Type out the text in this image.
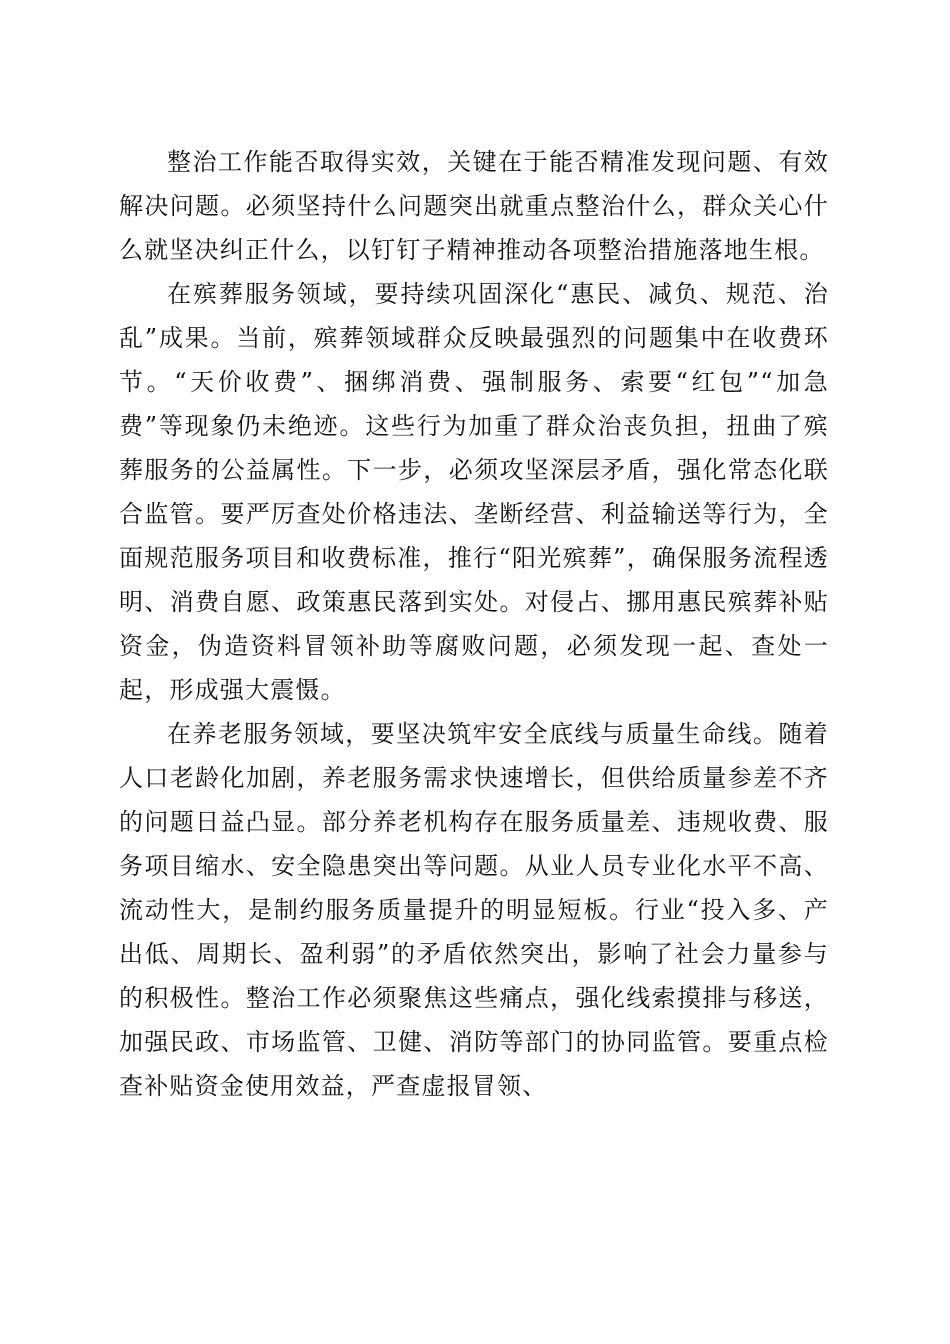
整治工作能否取得实效，关键在于能否精准发现问题、有效解决问题。必须坚持什么问题突出就重点整治什么，群众关心什么就坚决纠正什么，以钉钉子精神推动各项整治措施落地生根。

在殡葬服务领域，要持续巩固深化“惠民、减负、规范、治乱”成果。当前，殡葬领域群众反映最强烈的问题集中在收费环节。“天价收费”、捆绑消费、强制服务、索要“红包”“加急费”等现象仍未绝迹。这些行为加重了群众治丧负担，扭曲了殡葬服务的公益属性。下一步，必须攻坚深层矛盾，强化常态化联合监管。要严厉查处价格违法、垄断经营、利益输送等行为，全面规范服务项目和收费标准，推行“阳光殡葬”，确保服务流程透明、消费自愿、政策惠民落到实处。对侵占、挪用惠民殡葬补贴资金，伪造资料冒领补助等腐败问题，必须发现一起、查处一起，形成强大震慑。

在养老服务领域，要坚决筑牢安全底线与质量生命线。随着人口老龄化加剧，养老服务需求快速增长，但供给质量参差不齐的问题日益凸显。部分养老机构存在服务质量差、违规收费、服务项目缩水、安全隐患突出等问题。从业人员专业化水平不高、流动性大，是制约服务质量提升的明显短板。行业“投入多、产出低、周期长、盈利弱”的矛盾依然突出，影响了社会力量参与的积极性。整治工作必须聚焦这些痛点，强化线索摸排与移送，加强民政、市场监管、卫健、消防等部门的协同监管。要重点检查补贴资金使用效益，严查虚报冒领、
